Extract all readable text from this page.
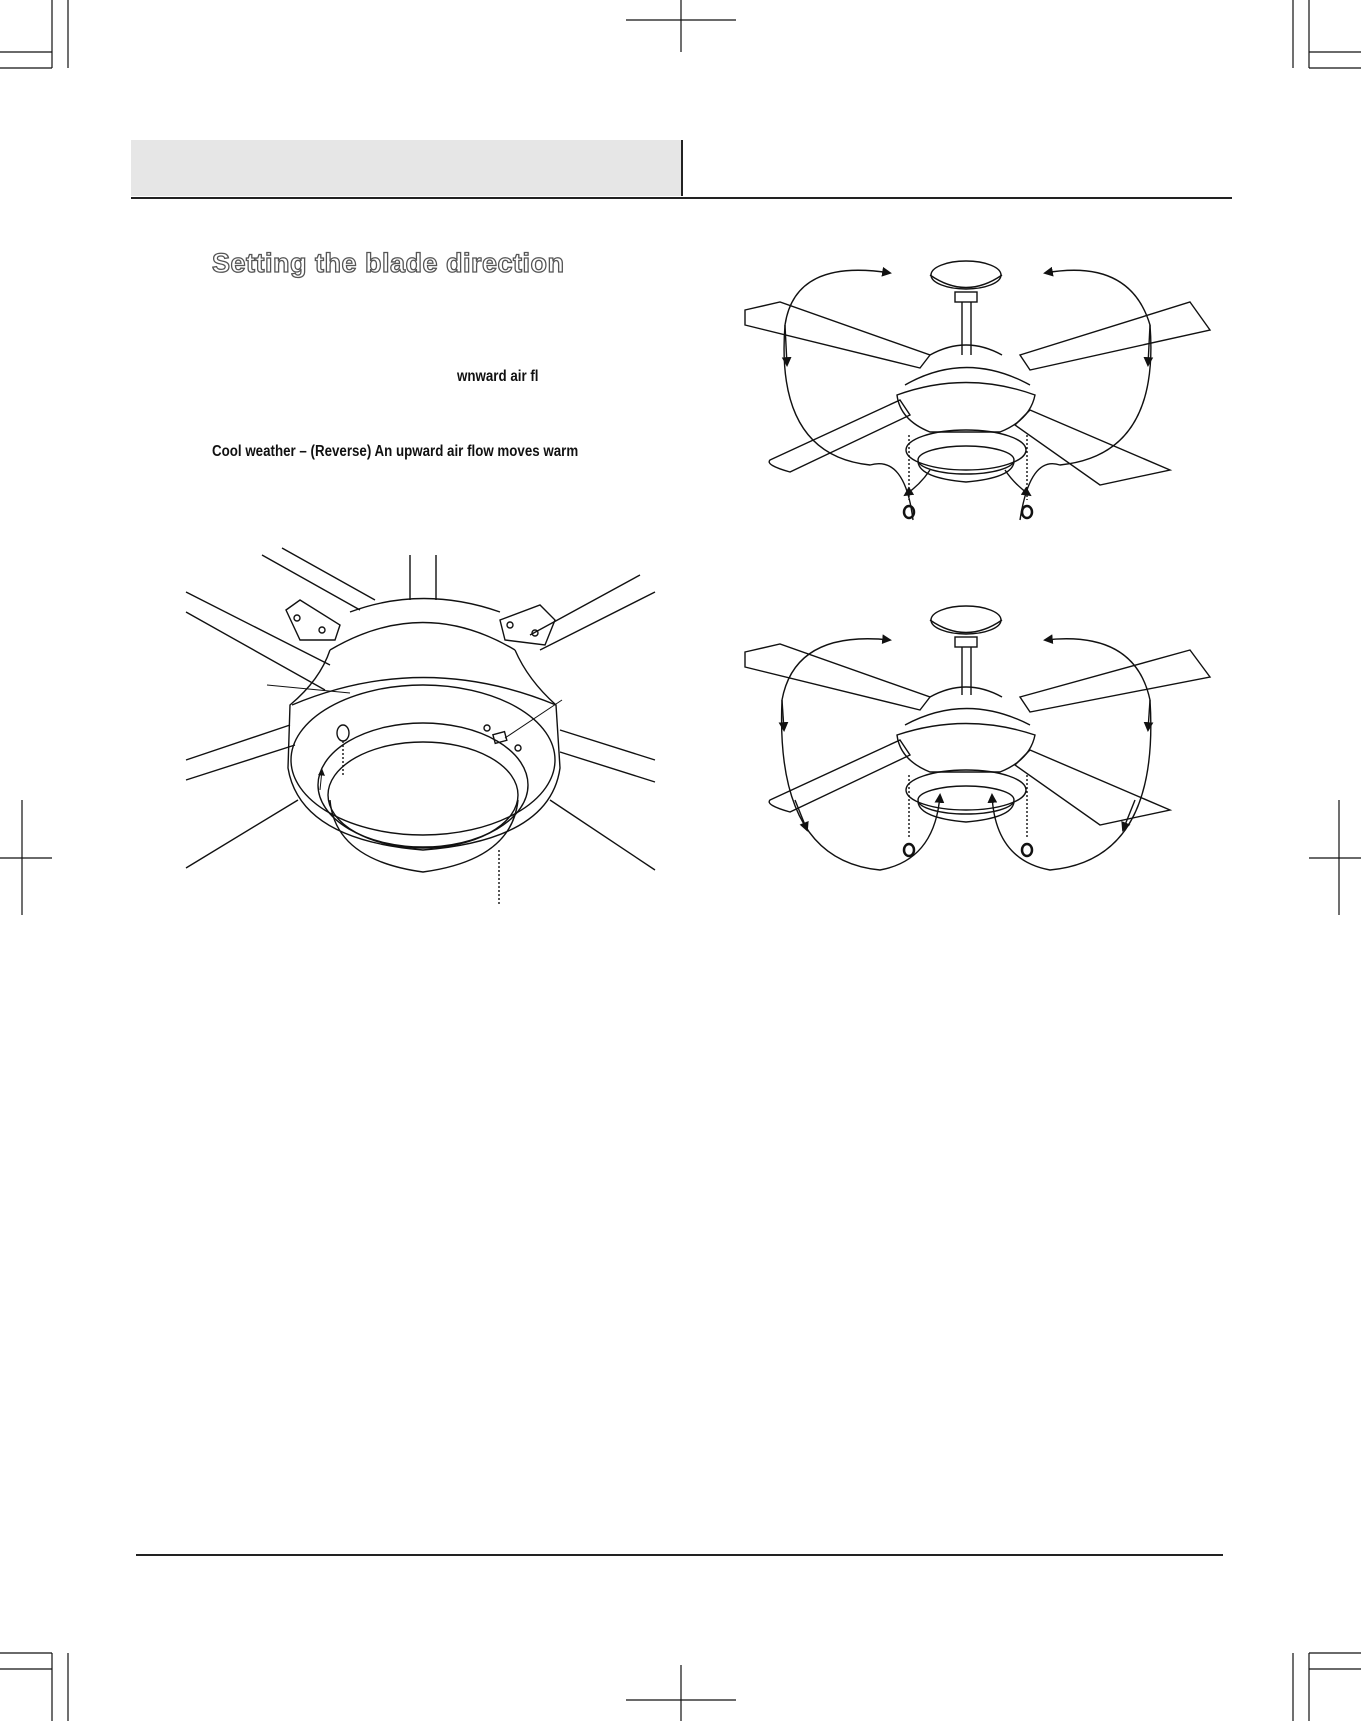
Setting the blade direction
wnward air fl
Cool weather – (Reverse) An upward air flow moves warm
